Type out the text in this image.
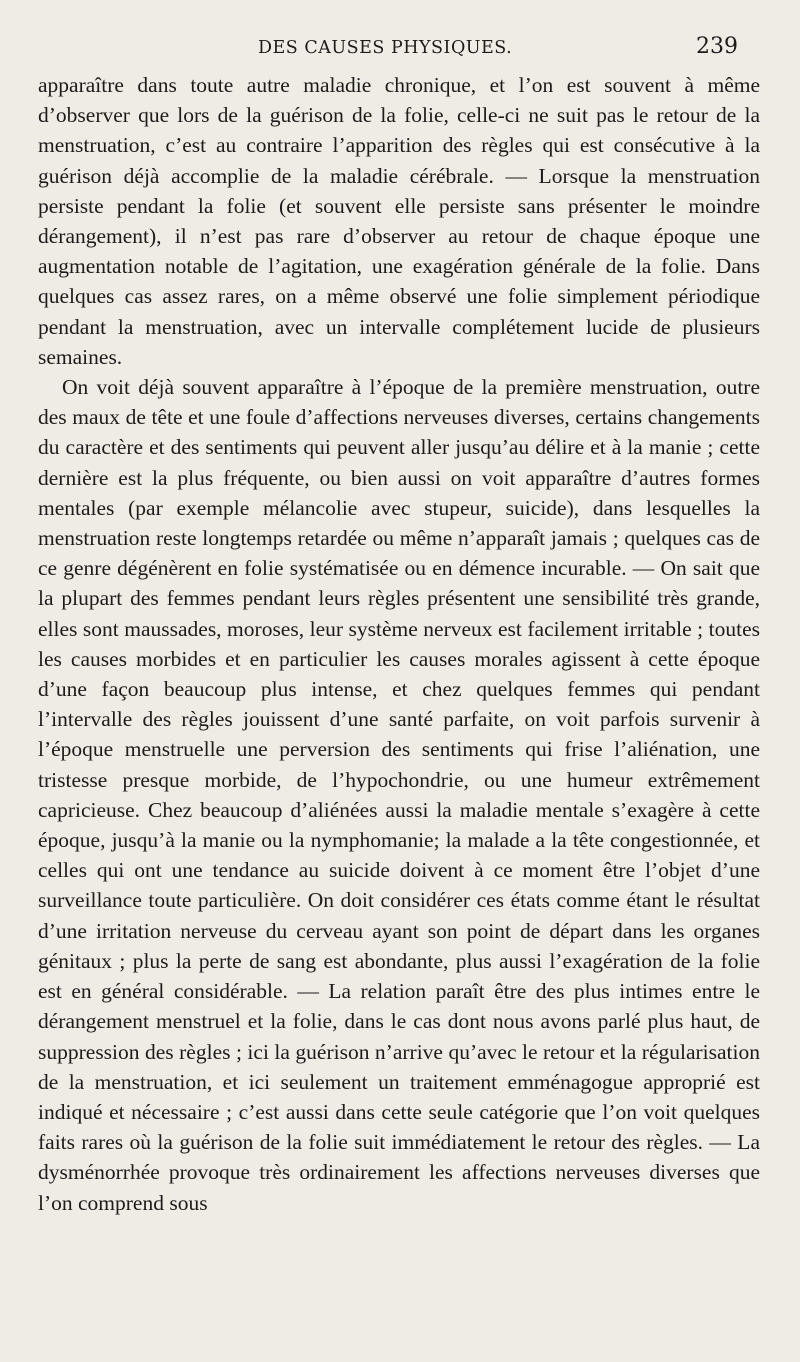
DES CAUSES PHYSIQUES.	239

apparaître dans toute autre maladie chronique, et l’on est souvent à même d’observer que lors de la guérison de la folie, celle-ci ne suit pas le retour de la menstruation, c’est au contraire l’apparition des règles qui est consécutive à la guérison déjà accomplie de la maladie cérébrale. — Lorsque la menstruation persiste pendant la folie (et souvent elle persiste sans présenter le moindre dérangement), il n’est pas rare d’observer au retour de chaque époque une augmentation notable de l’agitation, une exagération générale de la folie. Dans quelques cas assez rares, on a même observé une folie simplement périodique pendant la menstruation, avec un intervalle complétement lucide de plusieurs semaines.

On voit déjà souvent apparaître à l’époque de la première menstruation, outre des maux de tête et une foule d’affections nerveuses diverses, certains changements du caractère et des sentiments qui peuvent aller jusqu’au délire et à la manie ; cette dernière est la plus fréquente, ou bien aussi on voit apparaître d’autres formes mentales (par exemple mélancolie avec stupeur, suicide), dans lesquelles la menstruation reste longtemps retardée ou même n’apparaît jamais ; quelques cas de ce genre dégénèrent en folie systématisée ou en démence incurable. — On sait que la plupart des femmes pendant leurs règles présentent une sensibilité très grande, elles sont maussades, moroses, leur système nerveux est facilement irritable ; toutes les causes morbides et en particulier les causes morales agissent à cette époque d’une façon beaucoup plus intense, et chez quelques femmes qui pendant l’intervalle des règles jouissent d’une santé parfaite, on voit parfois survenir à l’époque menstruelle une perversion des sentiments qui frise l’aliénation, une tristesse presque morbide, de l’hypochondrie, ou une humeur extrêmement capricieuse. Chez beaucoup d’aliénées aussi la maladie mentale s’exagère à cette époque, jusqu’à la manie ou la nymphomanie; la malade a la tête congestionnée, et celles qui ont une tendance au suicide doivent à ce moment être l’objet d’une surveillance toute particulière. On doit considérer ces états comme étant le résultat d’une irritation nerveuse du cerveau ayant son point de départ dans les organes génitaux ; plus la perte de sang est abondante, plus aussi l’exagération de la folie est en général considérable. — La relation paraît être des plus intimes entre le dérangement menstruel et la folie, dans le cas dont nous avons parlé plus haut, de suppression des règles ; ici la guérison n’arrive qu’avec le retour et la régularisation de la menstruation, et ici seulement un traitement emménagogue approprié est indiqué et nécessaire ; c’est aussi dans cette seule catégorie que l’on voit quelques faits rares où la guérison de la folie suit immédiatement le retour des règles. — La dysménorrhée provoque très ordinairement les affections nerveuses diverses que l’on comprend sous
